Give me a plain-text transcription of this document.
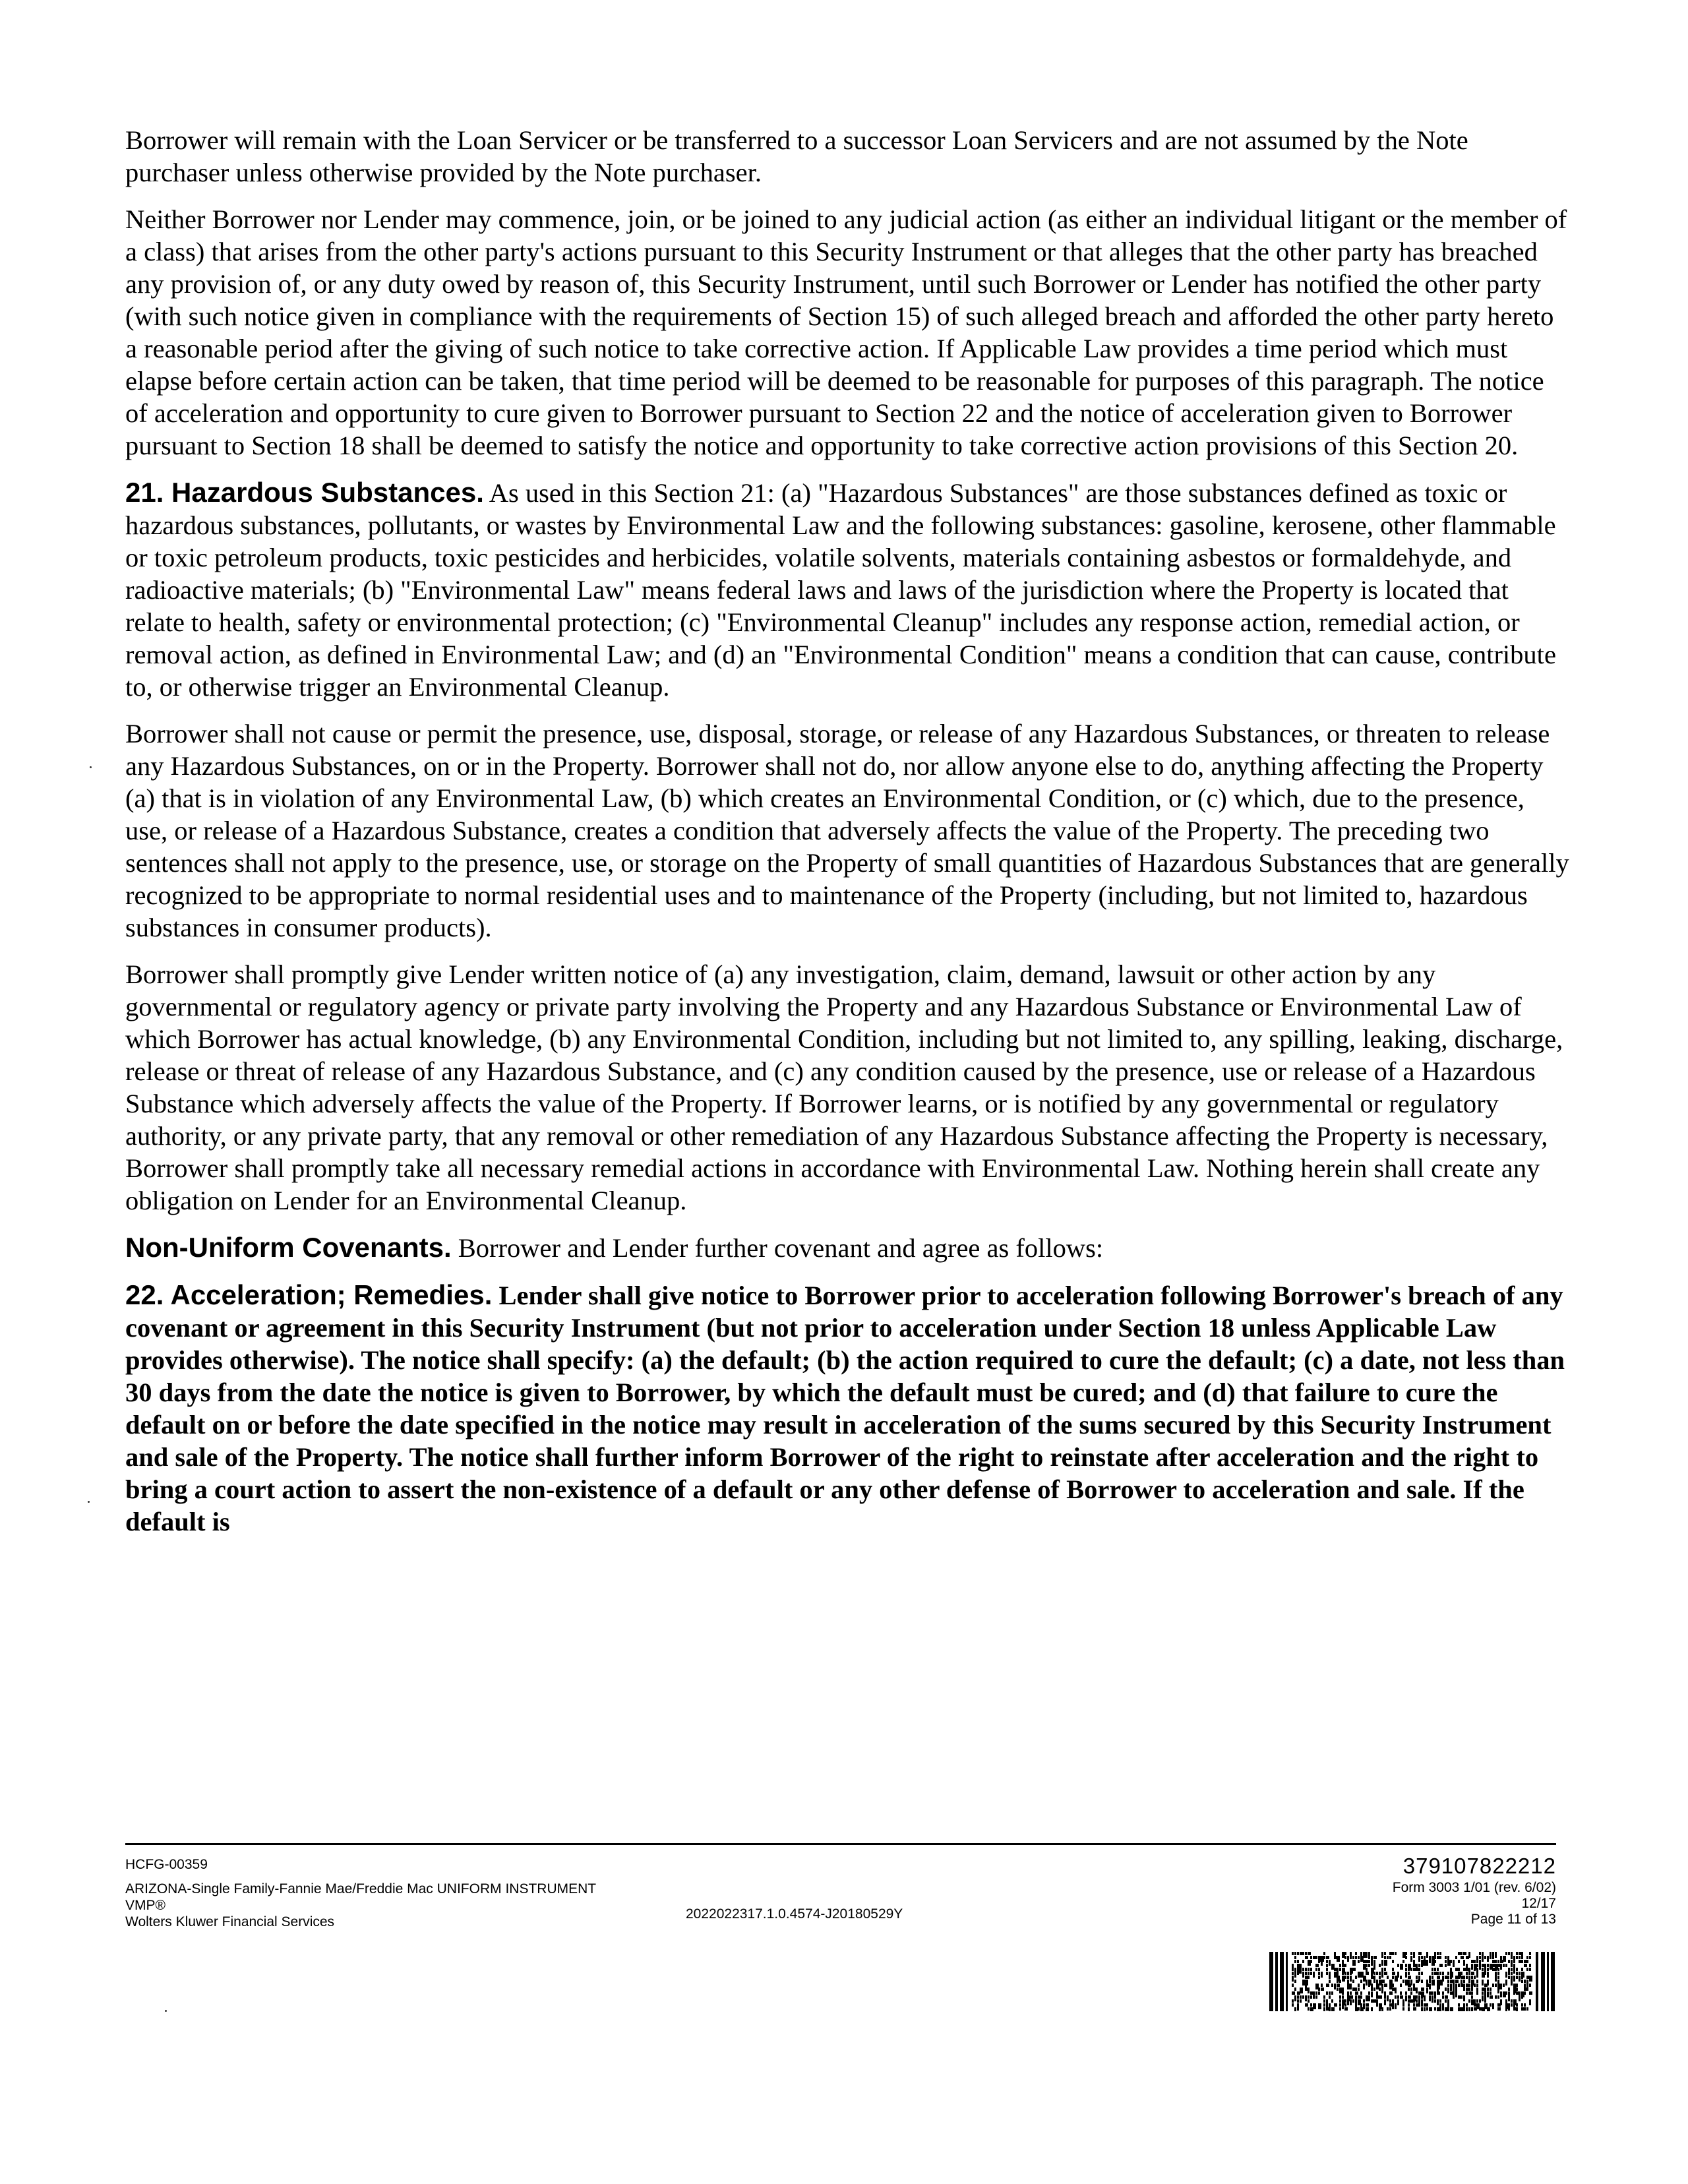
Borrower will remain with the Loan Servicer or be transferred to a successor Loan Servicers and are not assumed by the Note purchaser unless otherwise provided by the Note purchaser.

Neither Borrower nor Lender may commence, join, or be joined to any judicial action (as either an individual litigant or the member of a class) that arises from the other party's actions pursuant to this Security Instrument or that alleges that the other party has breached any provision of, or any duty owed by reason of, this Security Instrument, until such Borrower or Lender has notified the other party (with such notice given in compliance with the requirements of Section 15) of such alleged breach and afforded the other party hereto a reasonable period after the giving of such notice to take corrective action. If Applicable Law provides a time period which must elapse before certain action can be taken, that time period will be deemed to be reasonable for purposes of this paragraph. The notice of acceleration and opportunity to cure given to Borrower pursuant to Section 22 and the notice of acceleration given to Borrower pursuant to Section 18 shall be deemed to satisfy the notice and opportunity to take corrective action provisions of this Section 20.

21. Hazardous Substances. As used in this Section 21: (a) "Hazardous Substances" are those substances defined as toxic or hazardous substances, pollutants, or wastes by Environmental Law and the following substances: gasoline, kerosene, other flammable or toxic petroleum products, toxic pesticides and herbicides, volatile solvents, materials containing asbestos or formaldehyde, and radioactive materials; (b) "Environmental Law" means federal laws and laws of the jurisdiction where the Property is located that relate to health, safety or environmental protection; (c) "Environmental Cleanup" includes any response action, remedial action, or removal action, as defined in Environmental Law; and (d) an "Environmental Condition" means a condition that can cause, contribute to, or otherwise trigger an Environmental Cleanup.

Borrower shall not cause or permit the presence, use, disposal, storage, or release of any Hazardous Substances, or threaten to release any Hazardous Substances, on or in the Property. Borrower shall not do, nor allow anyone else to do, anything affecting the Property (a) that is in violation of any Environmental Law, (b) which creates an Environmental Condition, or (c) which, due to the presence, use, or release of a Hazardous Substance, creates a condition that adversely affects the value of the Property. The preceding two sentences shall not apply to the presence, use, or storage on the Property of small quantities of Hazardous Substances that are generally recognized to be appropriate to normal residential uses and to maintenance of the Property (including, but not limited to, hazardous substances in consumer products).

Borrower shall promptly give Lender written notice of (a) any investigation, claim, demand, lawsuit or other action by any governmental or regulatory agency or private party involving the Property and any Hazardous Substance or Environmental Law of which Borrower has actual knowledge, (b) any Environmental Condition, including but not limited to, any spilling, leaking, discharge, release or threat of release of any Hazardous Substance, and (c) any condition caused by the presence, use or release of a Hazardous Substance which adversely affects the value of the Property. If Borrower learns, or is notified by any governmental or regulatory authority, or any private party, that any removal or other remediation of any Hazardous Substance affecting the Property is necessary, Borrower shall promptly take all necessary remedial actions in accordance with Environmental Law. Nothing herein shall create any obligation on Lender for an Environmental Cleanup.

Non-Uniform Covenants. Borrower and Lender further covenant and agree as follows:

22. Acceleration; Remedies. Lender shall give notice to Borrower prior to acceleration following Borrower's breach of any covenant or agreement in this Security Instrument (but not prior to acceleration under Section 18 unless Applicable Law provides otherwise). The notice shall specify: (a) the default; (b) the action required to cure the default; (c) a date, not less than 30 days from the date the notice is given to Borrower, by which the default must be cured; and (d) that failure to cure the default on or before the date specified in the notice may result in acceleration of the sums secured by this Security Instrument and sale of the Property. The notice shall further inform Borrower of the right to reinstate after acceleration and the right to bring a court action to assert the non-existence of a default or any other defense of Borrower to acceleration and sale. If the default is

HCFG-00359
ARIZONA-Single Family-Fannie Mae/Freddie Mac UNIFORM INSTRUMENT
VMP®
Wolters Kluwer Financial Services
2022022317.1.0.4574-J20180529Y
379107822212
Form 3003 1/01 (rev. 6/02)
12/17
Page 11 of 13
